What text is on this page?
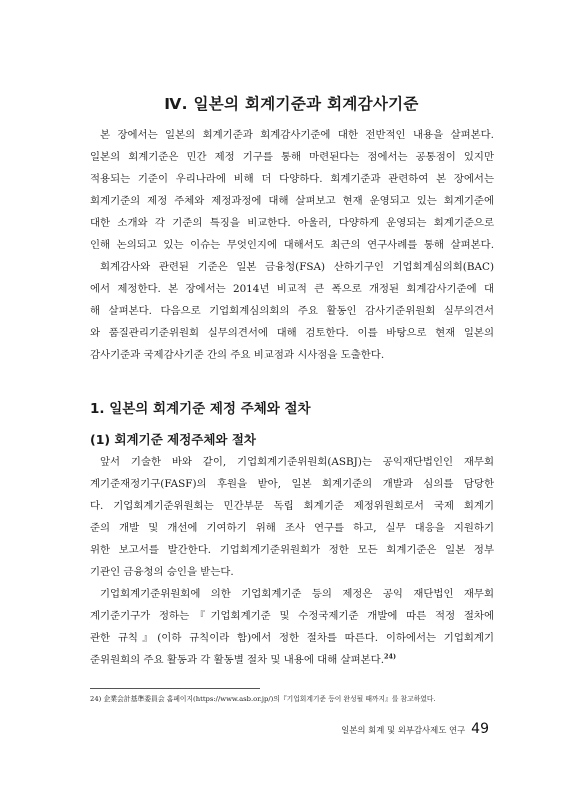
Ⅳ. 일본의 회계기준과 회계감사기준
본 장에서는 일본의 회계기준과 회계감사기준에 대한 전반적인 내용을 살펴본다.
일본의 회계기준은 민간 제정 기구를 통해 마련된다는 점에서는 공통점이 있지만
적용되는 기준이 우리나라에 비해 더 다양하다. 회계기준과 관련하여 본 장에서는
회계기준의 제정 주체와 제정과정에 대해 살펴보고 현재 운영되고 있는 회계기준에
대한 소개와 각 기준의 특징을 비교한다. 아울러, 다양하게 운영되는 회계기준으로
인해 논의되고 있는 이슈는 무엇인지에 대해서도 최근의 연구사례를 통해 살펴본다.
회계감사와 관련된 기준은 일본 금융청(FSA) 산하기구인 기업회계심의회(BAC)
에서 제정한다. 본 장에서는 2014년 비교적 큰 폭으로 개정된 회계감사기준에 대
해 살펴본다. 다음으로 기업회계심의회의 주요 활동인 감사기준위원회 실무의견서
와 품질관리기준위원회 실무의견서에 대해 검토한다. 이를 바탕으로 현재 일본의
감사기준과 국제감사기준 간의 주요 비교점과 시사점을 도출한다.
1. 일본의 회계기준 제정 주체와 절차
(1) 회계기준 제정주체와 절차
앞서 기술한 바와 같이, 기업회계기준위원회(ASBJ)는 공익재단법인인 재무회
계기준재정기구(FASF)의 후원을 받아, 일본 회계기준의 개발과 심의를 담당한
다. 기업회계기준위원회는 민간부문 독립 회계기준 제정위원회로서 국제 회계기
준의 개발 및 개선에 기여하기 위해 조사 연구를 하고, 실무 대응을 지원하기
위한 보고서를 발간한다. 기업회계기준위원회가 정한 모든 회계기준은 일본 정부
기관인 금융청의 승인을 받는다.
기업회계기준위원회에 의한 기업회계기준 등의 제정은 공익 재단법인 재무회
계기준기구가 정하는『기업회계기준 및 수정국제기준 개발에 따른 적정 절차에
관한 규칙』(이하 규칙이라 함)에서 정한 절차를 따른다. 이하에서는 기업회계기
준위원회의 주요 활동과 각 활동별 절차 및 내용에 대해 살펴본다.$^{24)}$
24) 企業会計基準委員会 홈페이지(https://www.asb.or.jp/)의『기업회계기준 등이 완성될 때까지』를 참고하였다.
일본의 회계 및 외부감사제도 연구 49
